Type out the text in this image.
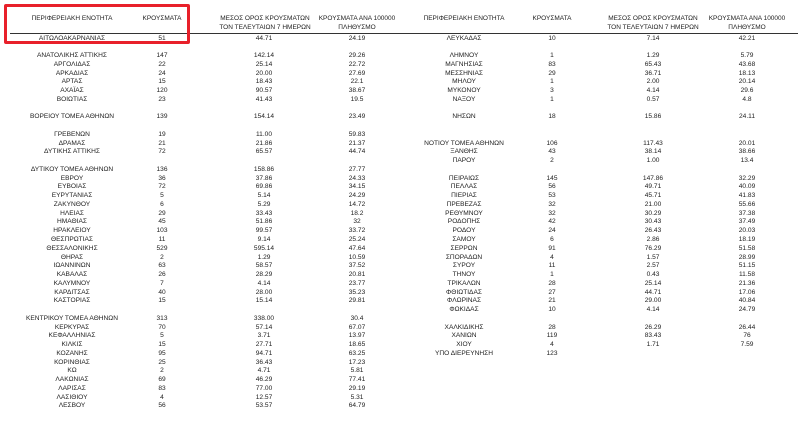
ΠΕΡΙΦΕΡΕΙΑΚΗ ΕΝΟΤΗΤΑ	ΚΡΟΥΣΜΑΤΑ	ΜΕΣΟΣ ΟΡΟΣ ΚΡΟΥΣΜΑΤΩΝ
ΤΟΝ ΤΕΛΕΥΤΑΙΩΝ 7 ΗΜΕΡΩΝ
ΚΡΟΥΣΜΑΤΑ ΑΝΑ 100000
ΠΛΗΘΥΣΜΟ
ΠΕΡΙΦΕΡΕΙΑΚΗ ΕΝΟΤΗΤΑ	ΚΡΟΥΣΜΑΤΑ	ΜΕΣΟΣ ΟΡΟΣ ΚΡΟΥΣΜΑΤΩΝ
ΤΟΝ ΤΕΛΕΥΤΑΙΩΝ 7 ΗΜΕΡΩΝ
ΚΡΟΥΣΜΑΤΑ ΑΝΑ 100000
ΠΛΗΘΥΣΜΟ
ΑΙΤΩΛΟΑΚΑΡΝΑΝΙΑΣ	51	44.71	24.19
ΑΝΑΤΟΛΙΚΗΣ ΑΤΤΙΚΗΣ	147	142.14	29.26
ΑΡΓΟΛΙΔΑΣ	22	25.14	22.72
ΑΡΚΑΔΙΑΣ	24	20.00	27.69
ΑΡΤΑΣ	15	18.43	22.1
ΑΧΑΪΑΣ	120	90.57	38.67
ΒΟΙΩΤΙΑΣ	23	41.43	19.5
ΒΟΡΕΙΟΥ ΤΟΜΕΑ ΑΘΗΝΩΝ	139	154.14	23.49
ΓΡΕΒΕΝΩΝ	19	11.00	59.83
ΔΡΑΜΑΣ	21	21.86	21.37
ΔΥΤΙΚΗΣ ΑΤΤΙΚΗΣ	72	65.57	44.74
ΔΥΤΙΚΟΥ ΤΟΜΕΑ ΑΘΗΝΩΝ	136	158.86	27.77
ΕΒΡΟΥ	36	37.86	24.33
ΕΥΒΟΙΑΣ	72	69.86	34.15
ΕΥΡΥΤΑΝΙΑΣ	5	5.14	24.29
ΖΑΚΥΝΘΟΥ	6	5.29	14.72
ΗΛΕΙΑΣ	29	33.43	18.2
ΗΜΑΘΙΑΣ	45	51.86	32
ΗΡΑΚΛΕΙΟΥ	103	99.57	33.72
ΘΕΣΠΡΩΤΙΑΣ	11	9.14	25.24
ΘΕΣΣΑΛΟΝΙΚΗΣ	529	595.14	47.64
ΘΗΡΑΣ	2	1.29	10.59
ΙΩΑΝΝΙΝΩΝ	63	58.57	37.52
ΚΑΒΑΛΑΣ	26	28.29	20.81
ΚΑΛΥΜΝΟΥ	7	4.14	23.77
ΚΑΡΔΙΤΣΑΣ	40	28.00	35.23
ΚΑΣΤΟΡΙΑΣ	15	15.14	29.81
ΚΕΝΤΡΙΚΟΥ ΤΟΜΕΑ ΑΘΗΝΩΝ	313	338.00	30.4
ΚΕΡΚΥΡΑΣ	70	57.14	67.07
ΚΕΦΑΛΛΗΝΙΑΣ	5	3.71	13.97
ΚΙΛΚΙΣ	15	27.71	18.65
ΚΟΖΑΝΗΣ	95	94.71	63.25
ΚΟΡΙΝΘΙΑΣ	25	36.43	17.23
ΚΩ	2	4.71	5.81
ΛΑΚΩΝΙΑΣ	69	46.29	77.41
ΛΑΡΙΣΑΣ	83	77.00	29.19
ΛΑΣΙΘΙΟΥ	4	12.57	5.31
ΛΕΣΒΟΥ	56	53.57	64.79
ΛΕΥΚΑΔΑΣ	10	7.14	42.21
ΛΗΜΝΟΥ	1	1.29	5.79
ΜΑΓΝΗΣΙΑΣ	83	65.43	43.68
ΜΕΣΣΗΝΙΑΣ	29	36.71	18.13
ΜΗΛΟΥ	1	2.00	20.14
ΜΥΚΟΝΟΥ	3	4.14	29.6
ΝΑΞΟΥ	1	0.57	4.8
ΝΗΣΩΝ	18	15.86	24.11
ΝΟΤΙΟΥ ΤΟΜΕΑ ΑΘΗΝΩΝ	106	117.43	20.01
ΞΑΝΘΗΣ	43	38.14	38.66
ΠΑΡΟΥ	2	1.00	13.4
ΠΕΙΡΑΙΩΣ	145	147.86	32.29
ΠΕΛΛΑΣ	56	49.71	40.09
ΠΙΕΡΙΑΣ	53	45.71	41.83
ΠΡΕΒΕΖΑΣ	32	21.00	55.66
ΡΕΘΥΜΝΟΥ	32	30.29	37.38
ΡΟΔΟΠΗΣ	42	30.43	37.49
ΡΟΔΟΥ	24	26.43	20.03
ΣΑΜΟΥ	6	2.86	18.19
ΣΕΡΡΩΝ	91	76.29	51.58
ΣΠΟΡΑΔΩΝ	4	1.57	28.99
ΣΥΡΟΥ	11	2.57	51.15
ΤΗΝΟΥ	1	0.43	11.58
ΤΡΙΚΑΛΩΝ	28	25.14	21.36
ΦΘΙΩΤΙΔΑΣ	27	44.71	17.06
ΦΛΩΡΙΝΑΣ	21	29.00	40.84
ΦΩΚΙΔΑΣ	10	4.14	24.79
ΧΑΛΚΙΔΙΚΗΣ	28	26.29	26.44
ΧΑΝΙΩΝ	119	83.43	76
ΧΙΟΥ	4	1.71	7.59
ΥΠΟ ΔΙΕΡΕΥΝΗΣΗ	123
